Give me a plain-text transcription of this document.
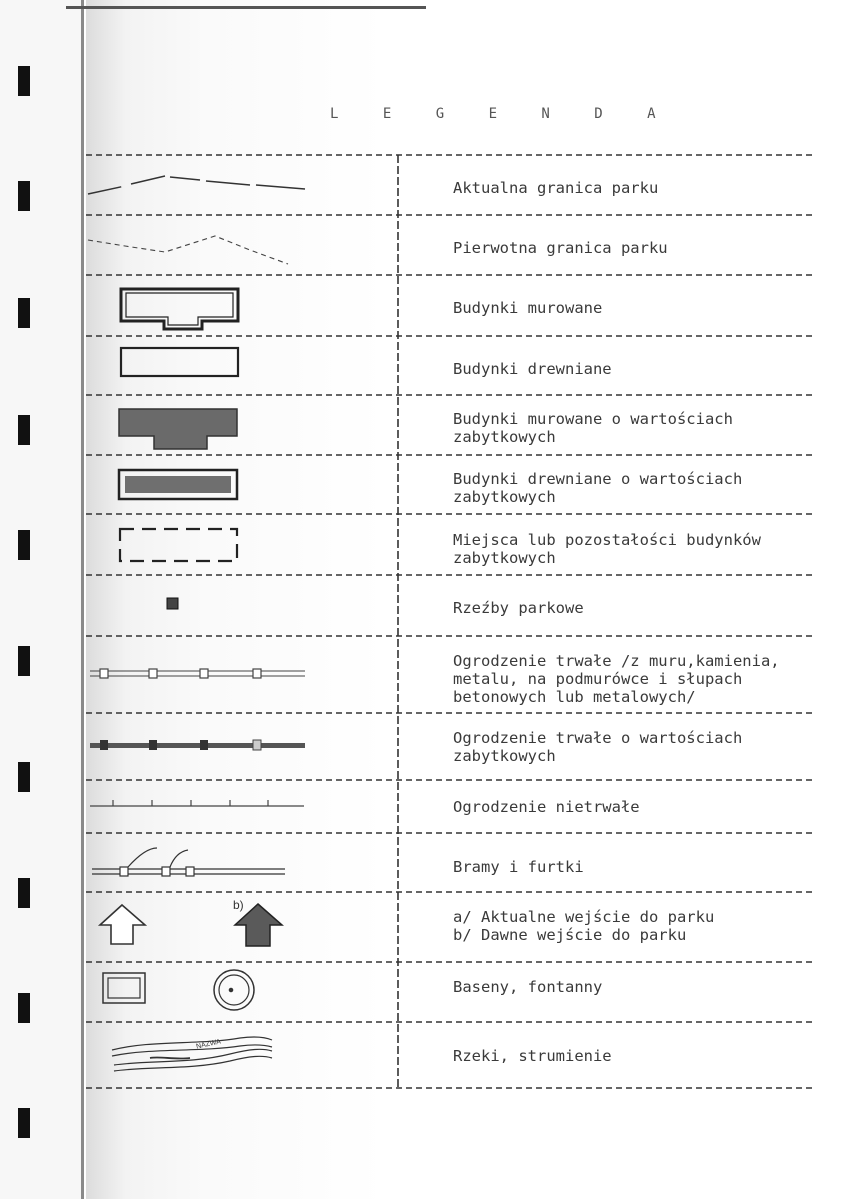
L E G E N D A
Aktualna granica parku
Pierwotna granica parku
Budynki murowane
Budynki drewniane
Budynki murowane o wartościach
zabytkowych
Budynki drewniane o wartościach
zabytkowych
Miejsca lub pozostałości budynków
zabytkowych
Rzeźby parkowe
Ogrodzenie trwałe /z muru,kamienia,
metalu, na podmurówce i słupach
betonowych lub metalowych/
Ogrodzenie trwałe o wartościach
zabytkowych
Ogrodzenie nietrwałe
Bramy i furtki
a/ Aktualne wejście do parku
b/ Dawne wejście do parku
Baseny, fontanny
Rzeki, strumienie
b)
NAZWA
